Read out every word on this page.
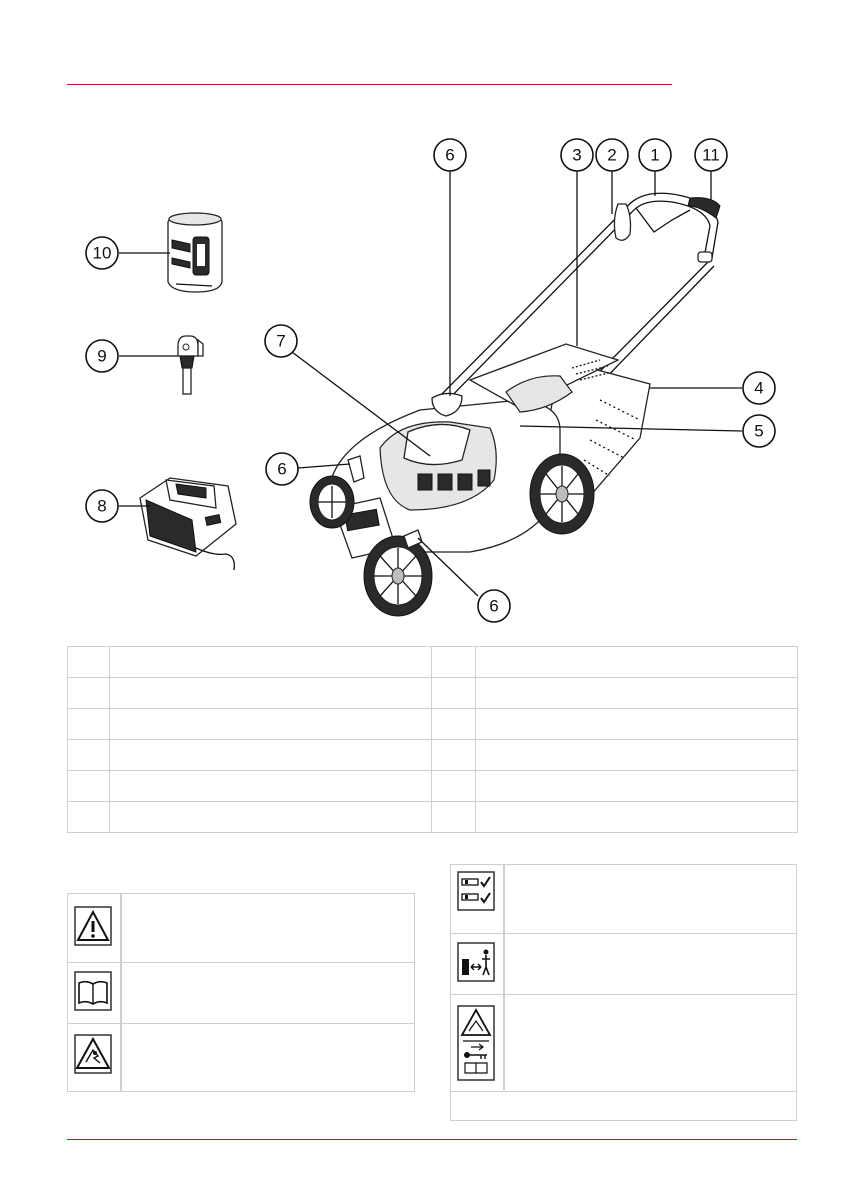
1
2
3
4
5
6
6
6
7
8
9
10
11
